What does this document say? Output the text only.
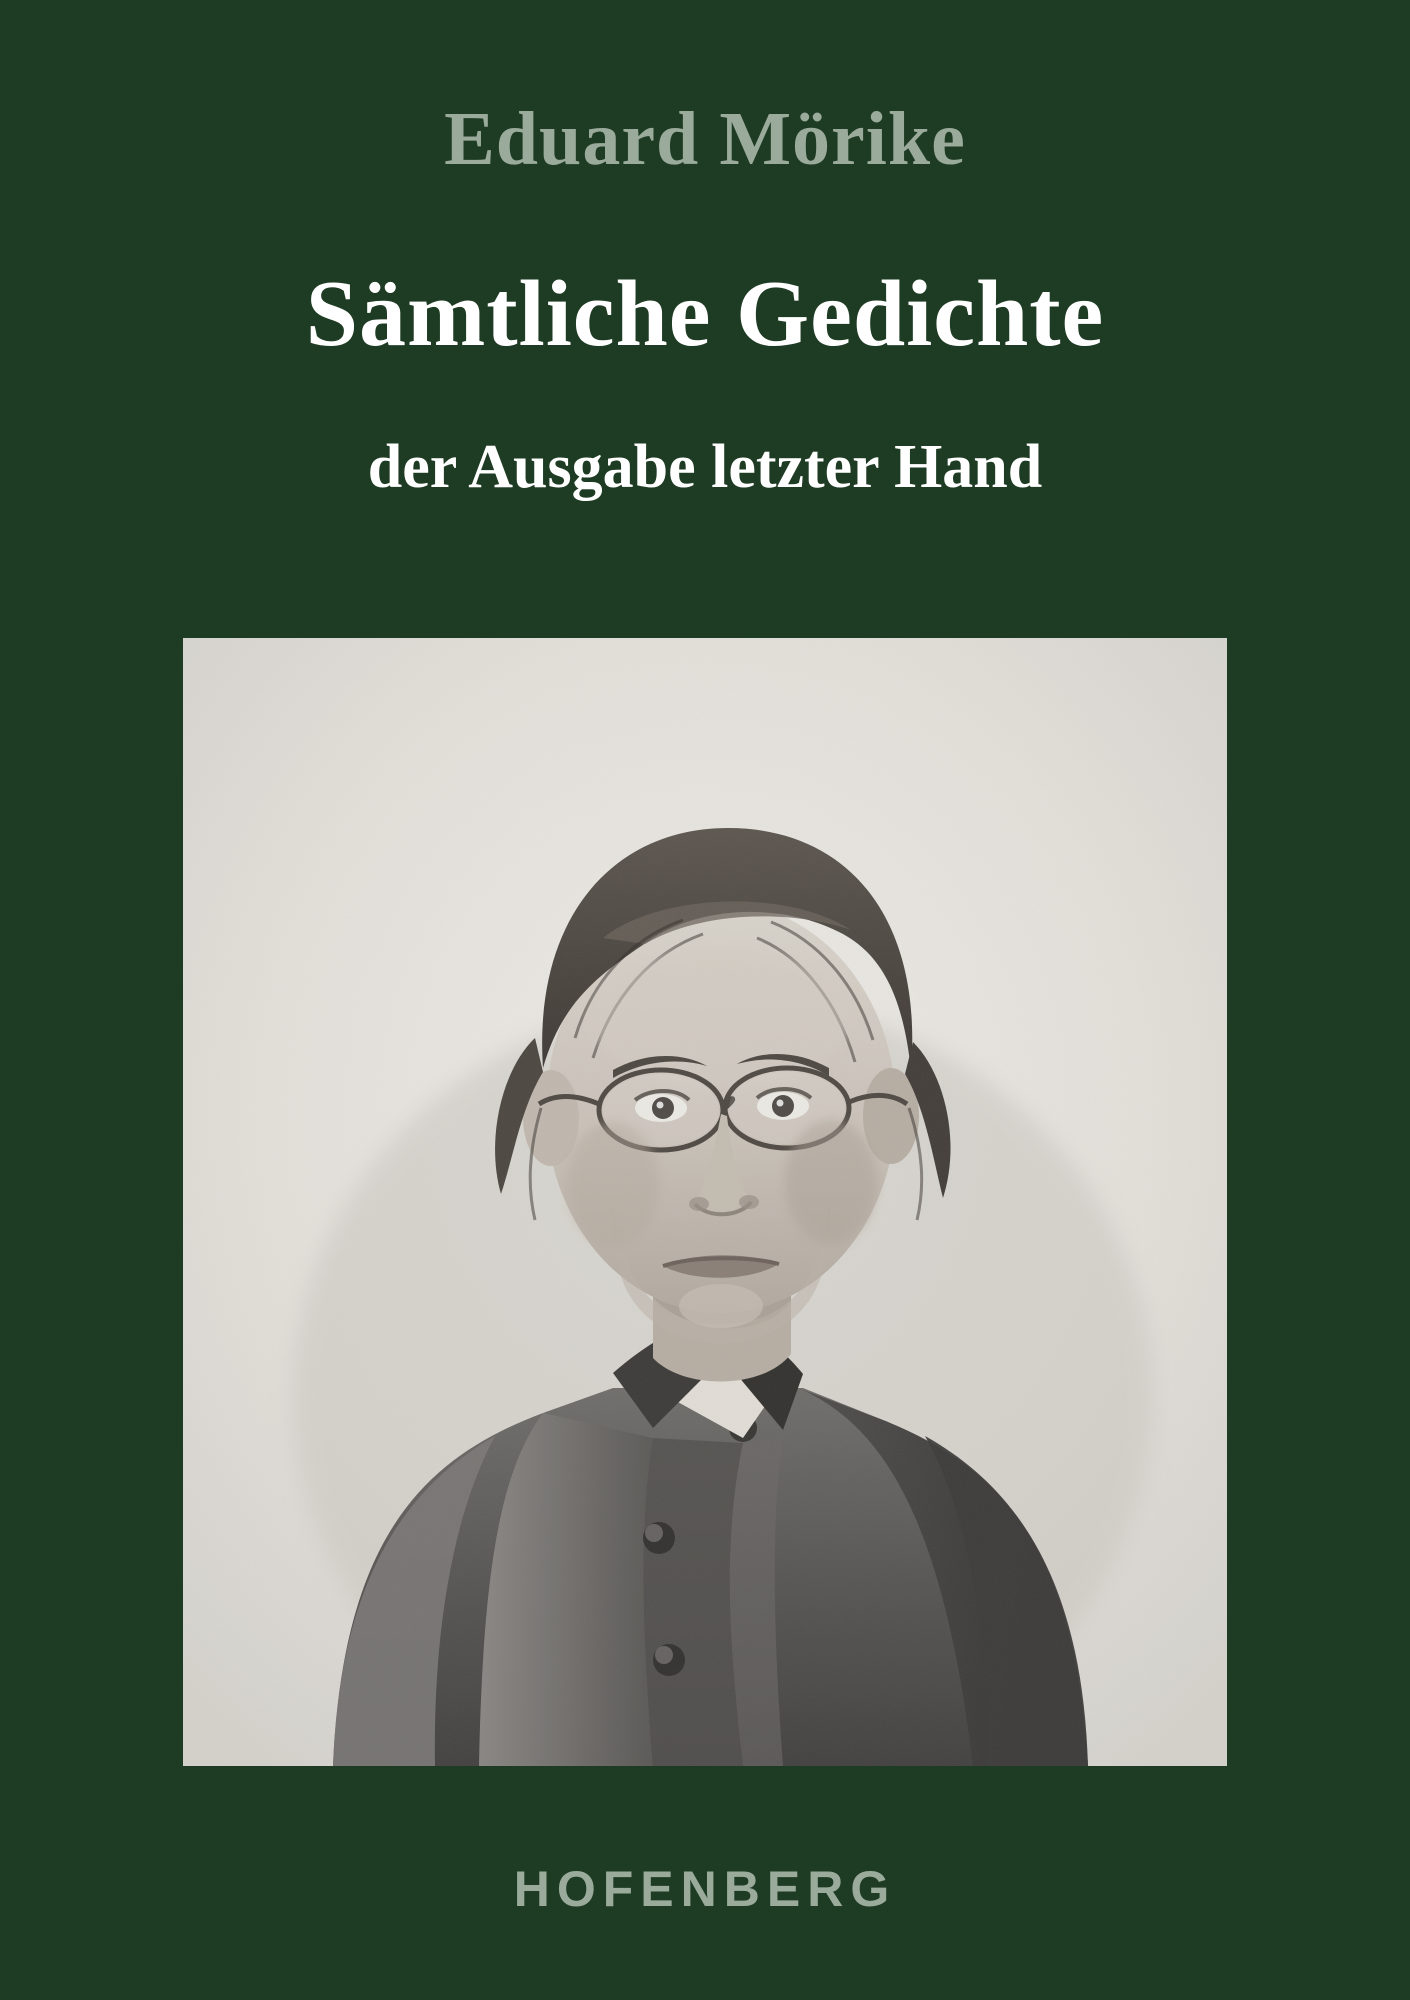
Eduard Mörike
Sämtliche Gedichte
der Ausgabe letzter Hand
HOFENBERG
